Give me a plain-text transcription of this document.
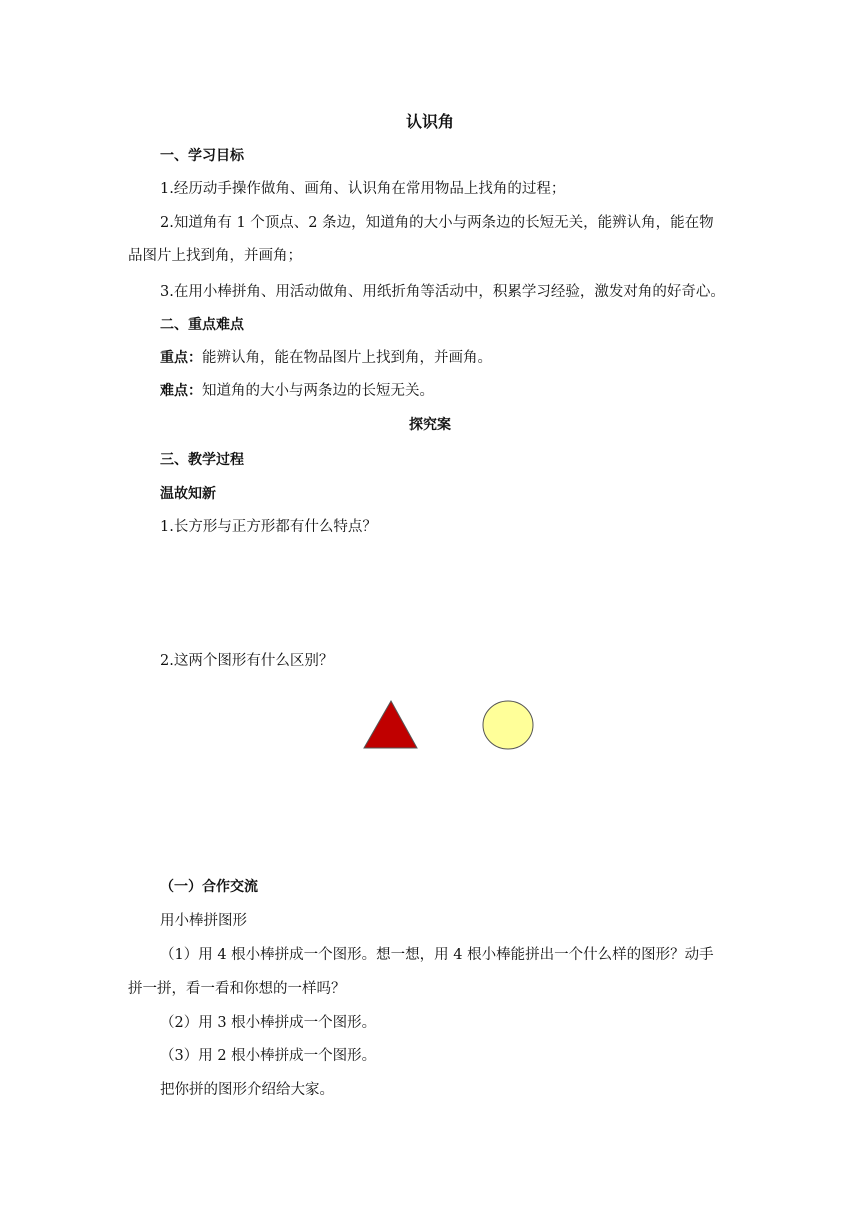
认识角
一、学习目标
1.经历动手操作做角、画角、认识角在常用物品上找角的过程；
2.知道角有 1 个顶点、2 条边，知道角的大小与两条边的长短无关，能辨认角，能在物
品图片上找到角，并画角；
3.在用小棒拼角、用活动做角、用纸折角等活动中，积累学习经验，激发对角的好奇心。
二、重点难点
重点：能辨认角，能在物品图片上找到角，并画角。
难点：知道角的大小与两条边的长短无关。
探究案
三、教学过程
温故知新
1.长方形与正方形都有什么特点？
2.这两个图形有什么区别？
（一）合作交流
用小棒拼图形
（1）用 4 根小棒拼成一个图形。想一想，用 4 根小棒能拼出一个什么样的图形？动手
拼一拼，看一看和你想的一样吗？
（2）用 3 根小棒拼成一个图形。
（3）用 2 根小棒拼成一个图形。
把你拼的图形介绍给大家。
